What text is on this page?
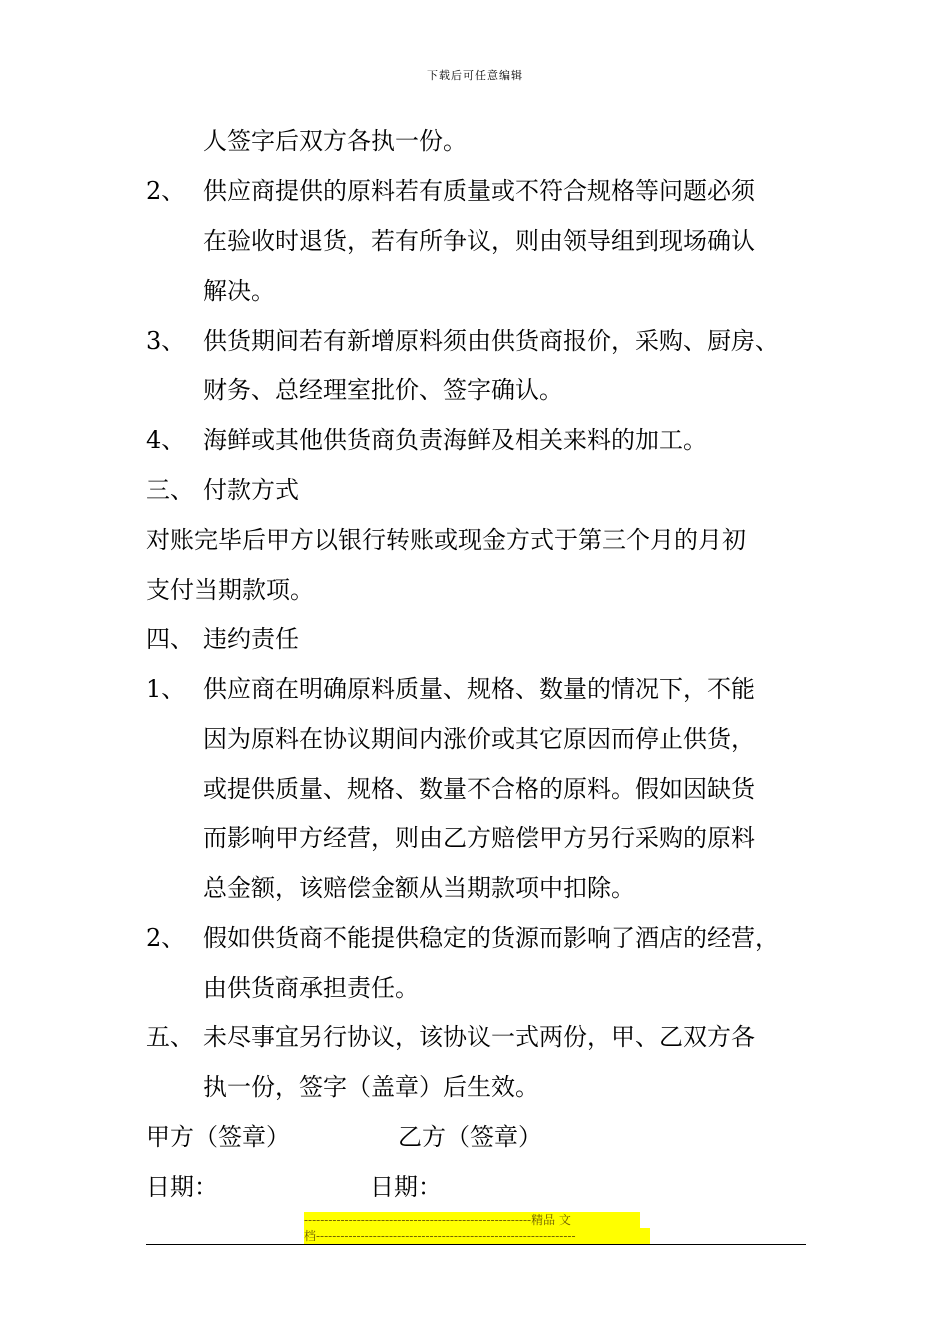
下载后可任意编辑
人签字后双方各执一份。
2、 供应商提供的原料若有质量或不符合规格等问题必须
在验收时退货，若有所争议，则由领导组到现场确认
解决。
3、 供货期间若有新增原料须由供货商报价，采购、厨房、
财务、总经理室批价、签字确认。
4、 海鲜或其他供货商负责海鲜及相关来料的加工。
三、 付款方式
对账完毕后甲方以银行转账或现金方式于第三个月的月初
支付当期款项。
四、 违约责任
1、 供应商在明确原料质量、规格、数量的情况下，不能
因为原料在协议期间内涨价或其它原因而停止供货，
或提供质量、规格、数量不合格的原料。假如因缺货
而影响甲方经营，则由乙方赔偿甲方另行采购的原料
总金额，该赔偿金额从当期款项中扣除。
2、 假如供货商不能提供稳定的货源而影响了酒店的经营，
由供货商承担责任。
五、 未尽事宜另行协议，该协议一式两份，甲、乙双方各
执一份，签字（盖章）后生效。
甲方（签章）	乙方（签章）
日期：	日期：
--------------------------------------------------------精品 文
档----------------------------------------------------------------
